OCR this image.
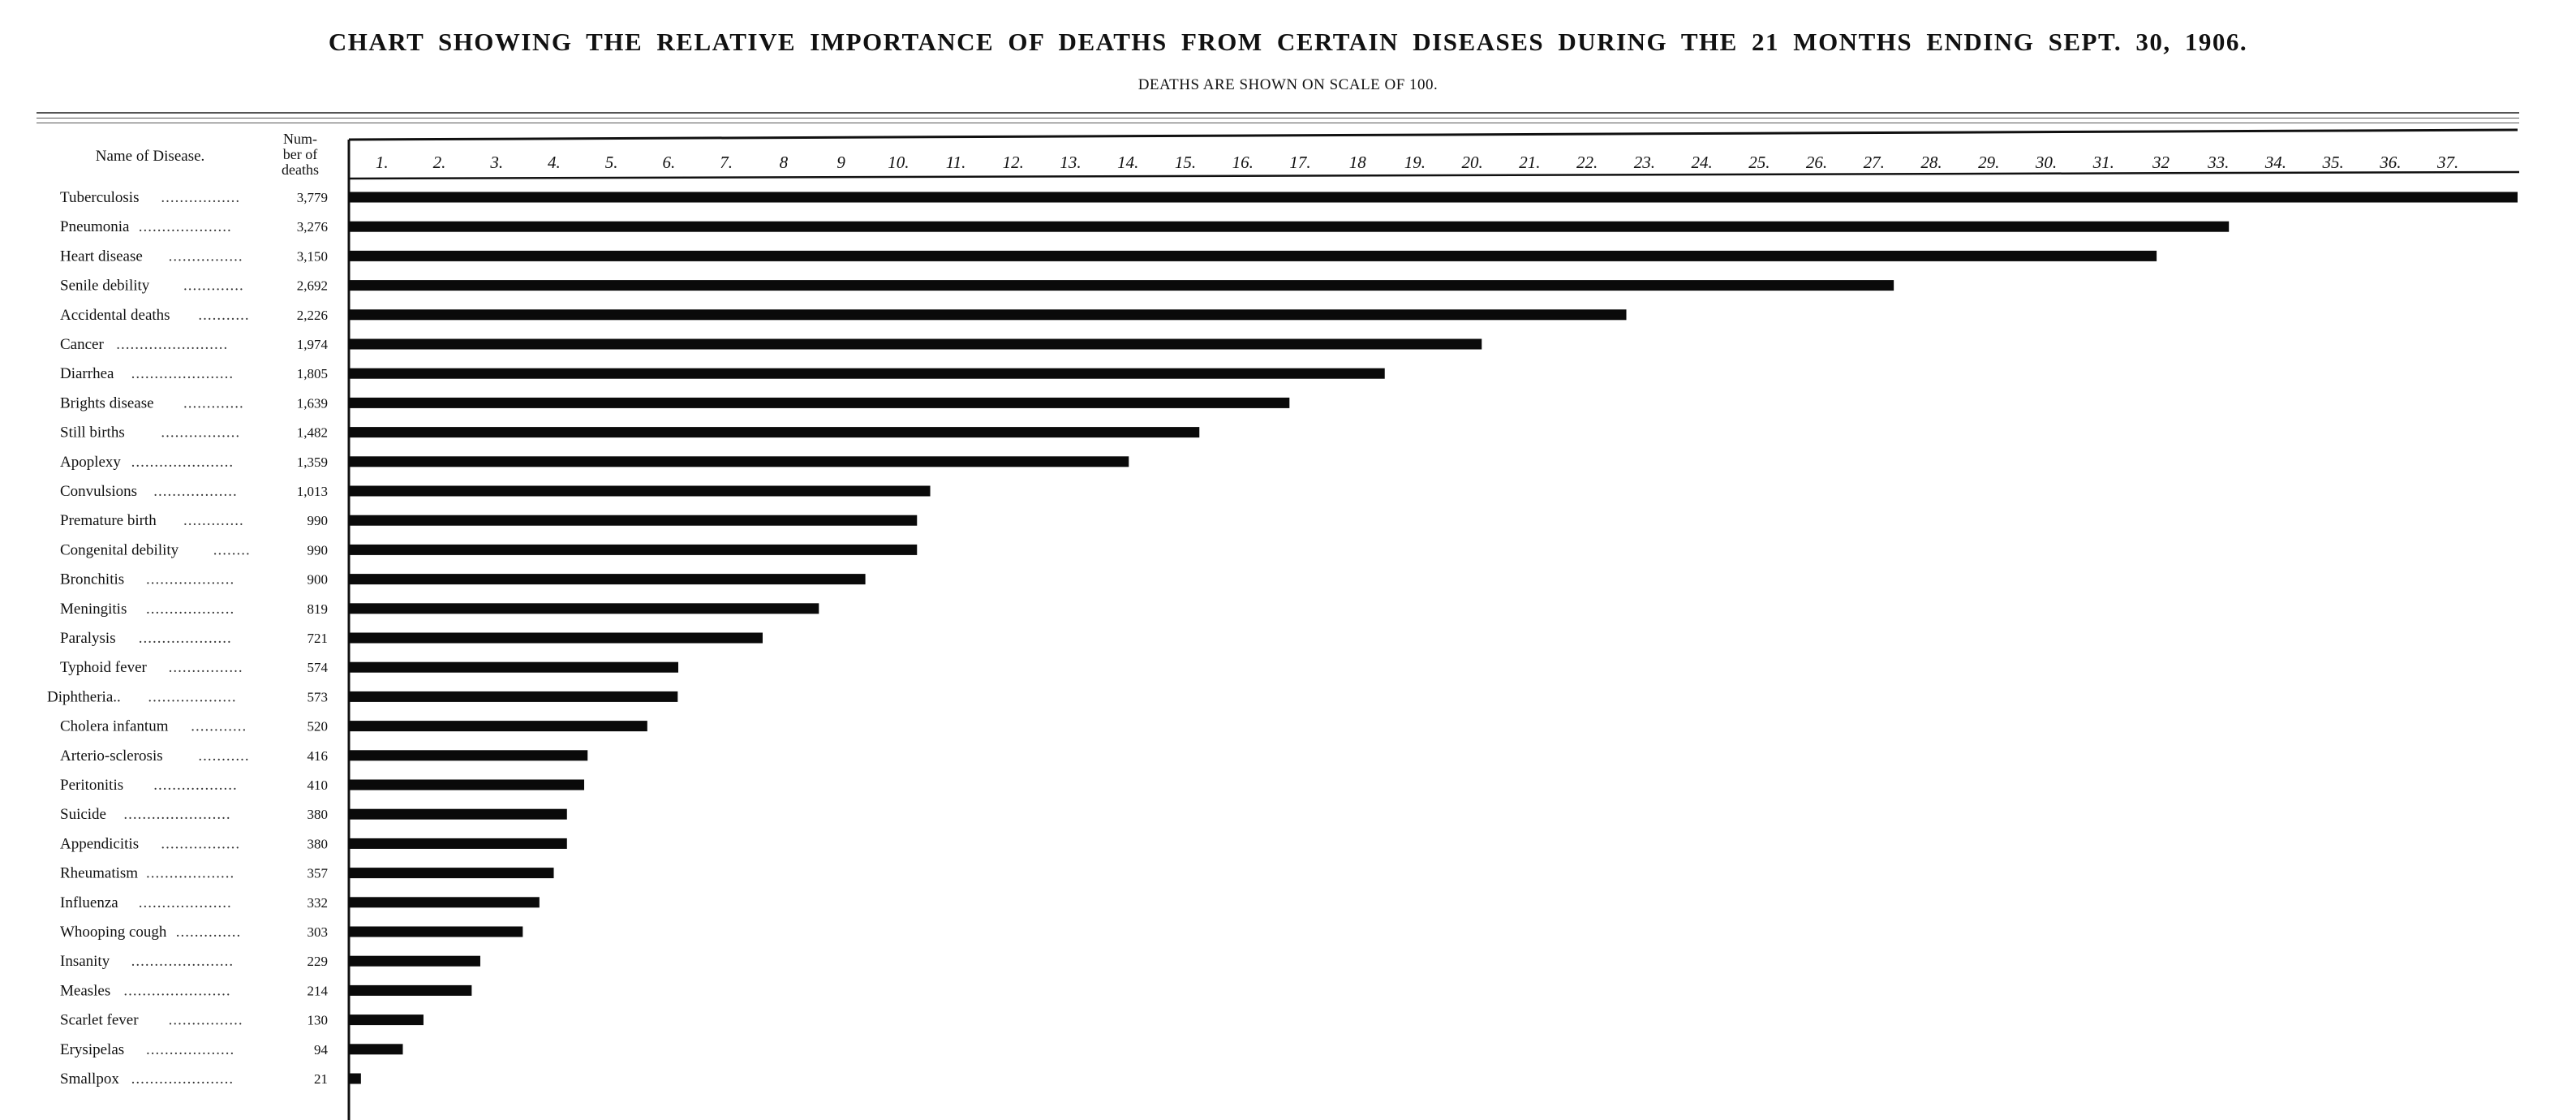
CHART SHOWING THE RELATIVE IMPORTANCE OF DEATHS FROM CERTAIN DISEASES DURING THE 21 MONTHS ENDING SEPT. 30, 1906.
DEATHS ARE SHOWN ON SCALE OF 100.
Name of Disease.
Num-
ber of
deaths	1.	2.	3.	4.	5.	6.	7.	8	9 10. 11. 12. 13. 14. 15. 16. 17. 18 19. 20. 21. 22. 23. 24. 25. 26. 27. 28. 29. 30. 31. 32 33. 34. 35. 36. 37.
Tuberculosis .................	3,779
Pneumonia ....................	3,276
Heart disease ................	3,150
Senile debility .............	2,692
Accidental deaths ...........	2,226
Cancer ........................	1,974
Diarrhea ......................	1,805
Brights disease .............	1,639
Still births .................	1,482
Apoplexy ......................	1,359
Convulsions ..................	1,013
Premature birth .............	990
Congenital debility ........	990
Bronchitis ...................	900
Meningitis ...................	819
Paralysis ....................	721
Typhoid fever ................	574
Diphtheria.. ...................	573
Cholera infantum ............	520
Arterio-sclerosis ...........	416
Peritonitis ..................	410
Suicide .......................	380
Appendicitis .................	380
Rheumatism ...................	357
Influenza ....................	332
Whooping cough ..............	303
Insanity ......................	229
Measles .......................	214
Scarlet fever ................	130
Erysipelas ...................	94
Smallpox ......................	21
